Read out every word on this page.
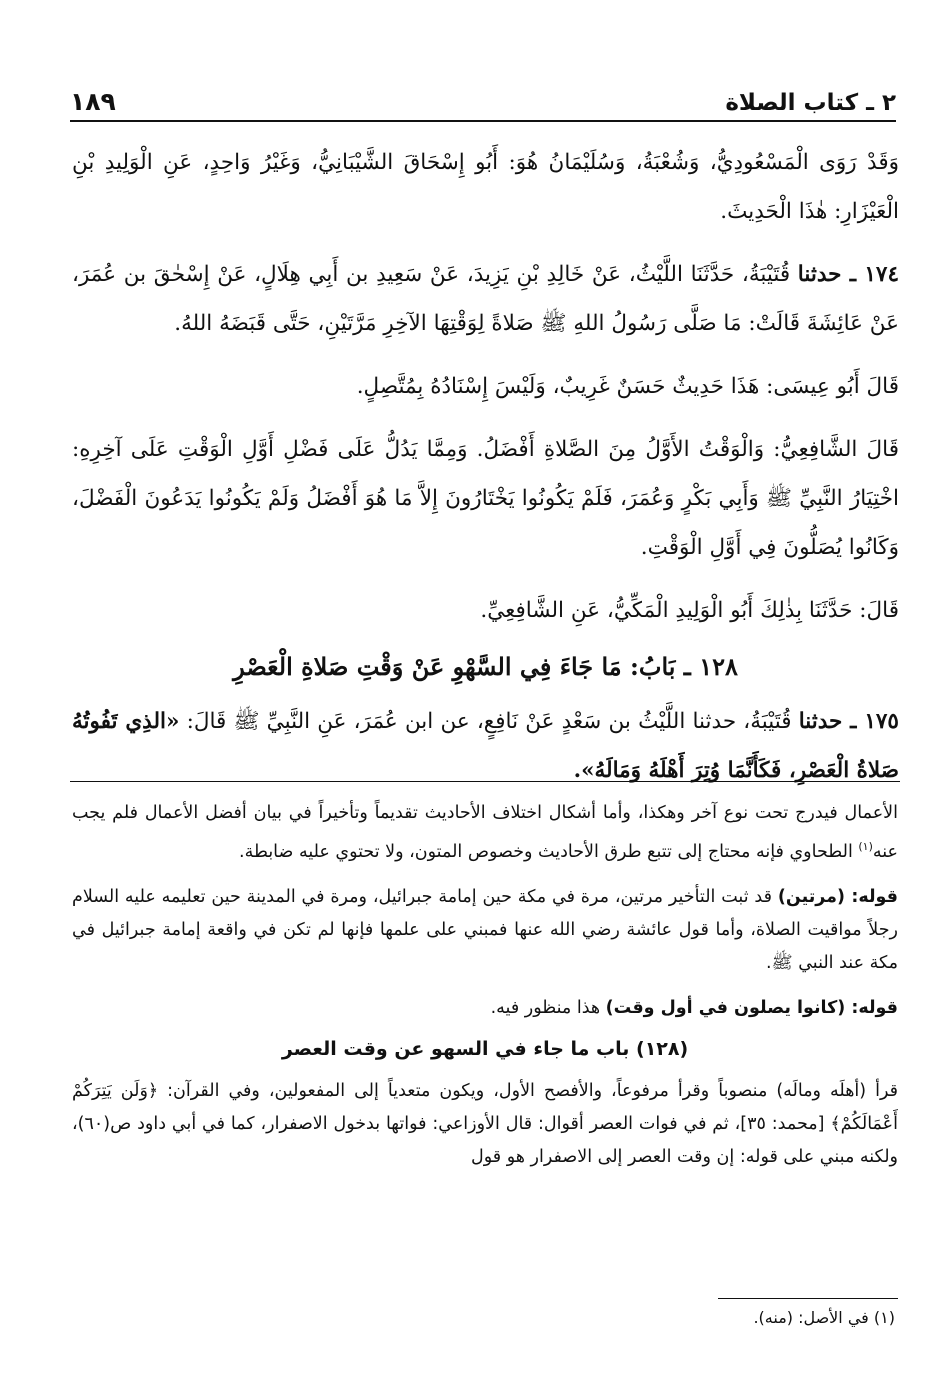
٢ ـ كتاب الصلاة
١٨٩

وَقَدْ رَوَى الْمَسْعُودِيُّ، وَشُعْبَةُ، وَسُلَيْمَانُ هُوَ: أَبُو إِسْحَاقَ الشَّيْبَانِيُّ، وَغَيْرُ وَاحِدٍ، عَنِ الْوَلِيدِ بْنِ الْعَيْزَارِ: هٰذَا الْحَدِيثَ.

١٧٤ ـ حدثنا قُتَيْبَةُ، حَدَّثَنَا اللَّيْثُ، عَنْ خَالِدِ بْنِ يَزِيدَ، عَنْ سَعِيدِ بن أَبِي هِلَالٍ، عَنْ إِسْحٰقَ بن عُمَرَ، عَنْ عَائِشَةَ قَالَتْ: مَا صَلَّى رَسُولُ اللهِ ﷺ صَلاةً لِوَقْتِهَا الآخِرِ مَرَّتَيْنِ، حَتَّى قَبَضَهُ اللهُ.

قَالَ أَبُو عِيسَى: هَذَا حَدِيثٌ حَسَنٌ غَرِيبٌ، وَلَيْسَ إِسْنَادُهُ بِمُتَّصِلٍ.

قَالَ الشَّافِعِيُّ: وَالْوَقْتُ الأَوَّلُ مِنَ الصَّلاةِ أَفْضَلُ. وَمِمَّا يَدُلُّ عَلَى فَضْلِ أَوَّلِ الْوَقْتِ عَلَى آخِرِهِ: اخْتِيَارُ النَّبِيِّ ﷺ وَأَبِي بَكْرٍ وَعُمَرَ، فَلَمْ يَكُونُوا يَخْتَارُونَ إِلاَّ مَا هُوَ أَفْضَلُ وَلَمْ يَكُونُوا يَدَعُونَ الْفَضْلَ، وَكَانُوا يُصَلُّونَ فِي أَوَّلِ الْوَقْتِ.

قَالَ: حَدَّثَنَا بِذٰلِكَ أَبُو الْوَلِيدِ الْمَكِّيُّ، عَنِ الشَّافِعِيِّ.

١٢٨ ـ بَابُ: مَا جَاءَ فِي السَّهْوِ عَنْ وَقْتِ صَلاةِ الْعَصْرِ

١٧٥ ـ حدثنا قُتَيْبَةُ، حدثنا اللَّيْثُ بن سَعْدٍ عَنْ نَافِعٍ، عن ابن عُمَرَ، عَنِ النَّبِيِّ ﷺ قَالَ: «الذِي تَفُوتُهُ صَلاةُ الْعَصْرِ، فَكَأَنَّمَا وُتِرَ أَهْلَهُ وَمَالَهُ».

الأعمال فيدرج تحت نوع آخر وهكذا، وأما أشكال اختلاف الأحاديث تقديماً وتأخيراً في بيان أفضل الأعمال فلم يجب عنه$^{(١)}$ الطحاوي فإنه محتاج إلى تتبع طرق الأحاديث وخصوص المتون، ولا تحتوي عليه ضابطة.

قوله: (مرتين) قد ثبت التأخير مرتين، مرة في مكة حين إمامة جبرائيل، ومرة في المدينة حين تعليمه عليه السلام رجلاً مواقيت الصلاة، وأما قول عائشة رضي الله عنها فمبني على علمها فإنها لم تكن في واقعة إمامة جبرائيل في مكة عند النبي ﷺ.

قوله: (كانوا يصلون في أول وقت) هذا منظور فيه.

(١٢٨) باب ما جاء في السهو عن وقت العصر

قرأ (أهلَه ومالَه) منصوباً وقرأ مرفوعاً، والأفصح الأول، ويكون متعدياً إلى المفعولين، وفي القرآن: ﴿وَلَن يَتِرَكُمْ أَعْمَالَكُمْ﴾ [محمد: ٣٥]، ثم في فوات العصر أقوال: قال الأوزاعي: فواتها بدخول الاصفرار، كما في أبي داود ص(٦٠)، ولكنه مبني على قوله: إن وقت العصر إلى الاصفرار هو قول

(١) في الأصل: (منه).
